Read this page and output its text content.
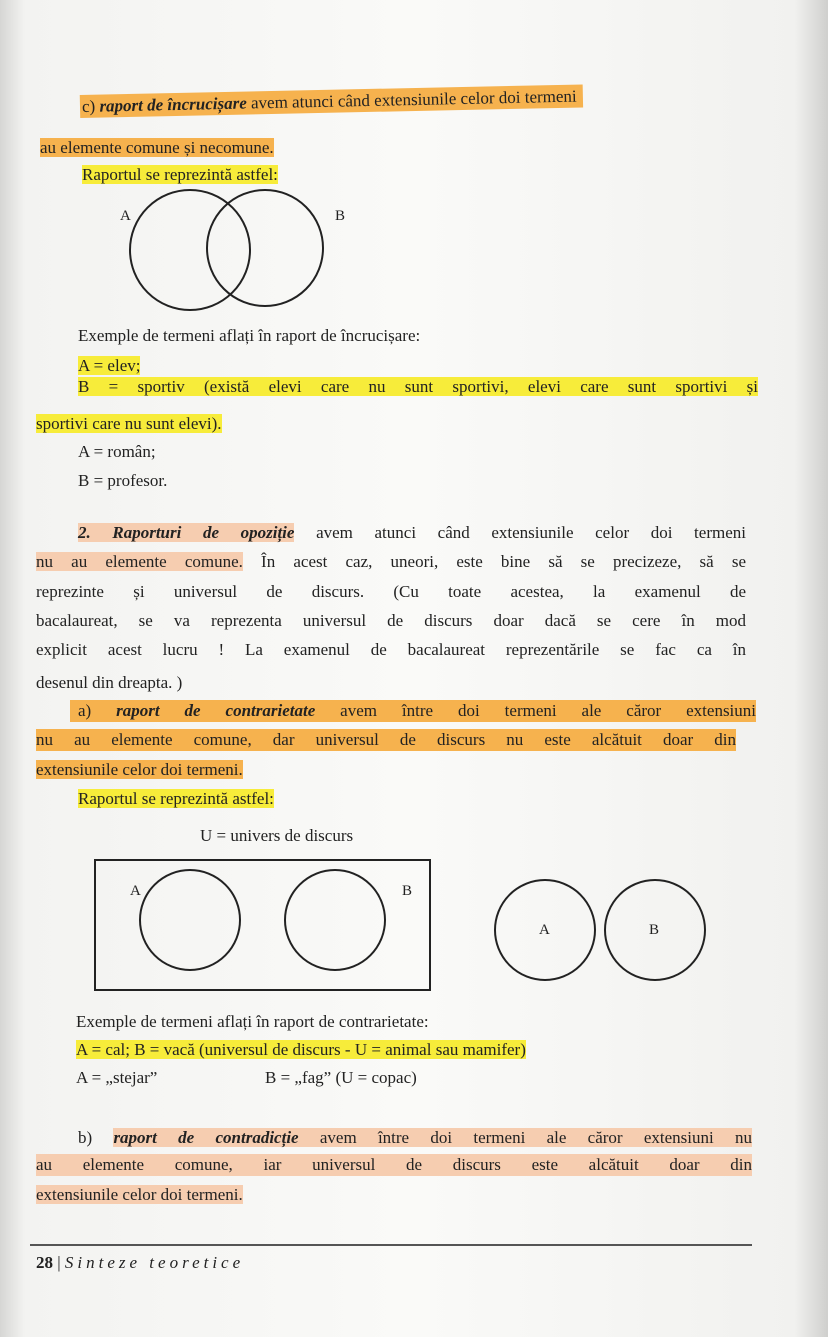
c) raport de încrucișare avem atunci când extensiunile celor doi termeni
au elemente comune și necomune.
Raportul se reprezintă astfel:
A	B
Exemple de termeni aflați în raport de încrucișare:
A = elev;
B = sportiv (există elevi care nu sunt sportivi, elevi care sunt sportivi și
sportivi care nu sunt elevi).
A = român;
B = profesor.
2. Raporturi de opoziție avem atunci când extensiunile celor doi termeni
nu au elemente comune. În acest caz, uneori, este bine să se precizeze, să se
reprezinte și universul de discurs. (Cu toate acestea, la examenul de
bacalaureat, se va reprezenta universul de discurs doar dacă se cere în mod
explicit acest lucru ! La examenul de bacalaureat reprezentările se fac ca în
desenul din dreapta. )
a) raport de contrarietate avem între doi termeni ale căror extensiuni
nu au elemente comune, dar universul de discurs nu este alcătuit doar din
extensiunile celor doi termeni.
Raportul se reprezintă astfel:
U = univers de discurs
A	B
A	B
Exemple de termeni aflați în raport de contrarietate:
A = cal; B = vacă (universul de discurs - U = animal sau mamifer)
A = „stejar”	B = „fag” (U = copac)
b) raport de contradicție avem între doi termeni ale căror extensiuni nu
au elemente comune, iar universul de discurs este alcătuit doar din
extensiunile celor doi termeni.
28 | Sinteze teoretice
